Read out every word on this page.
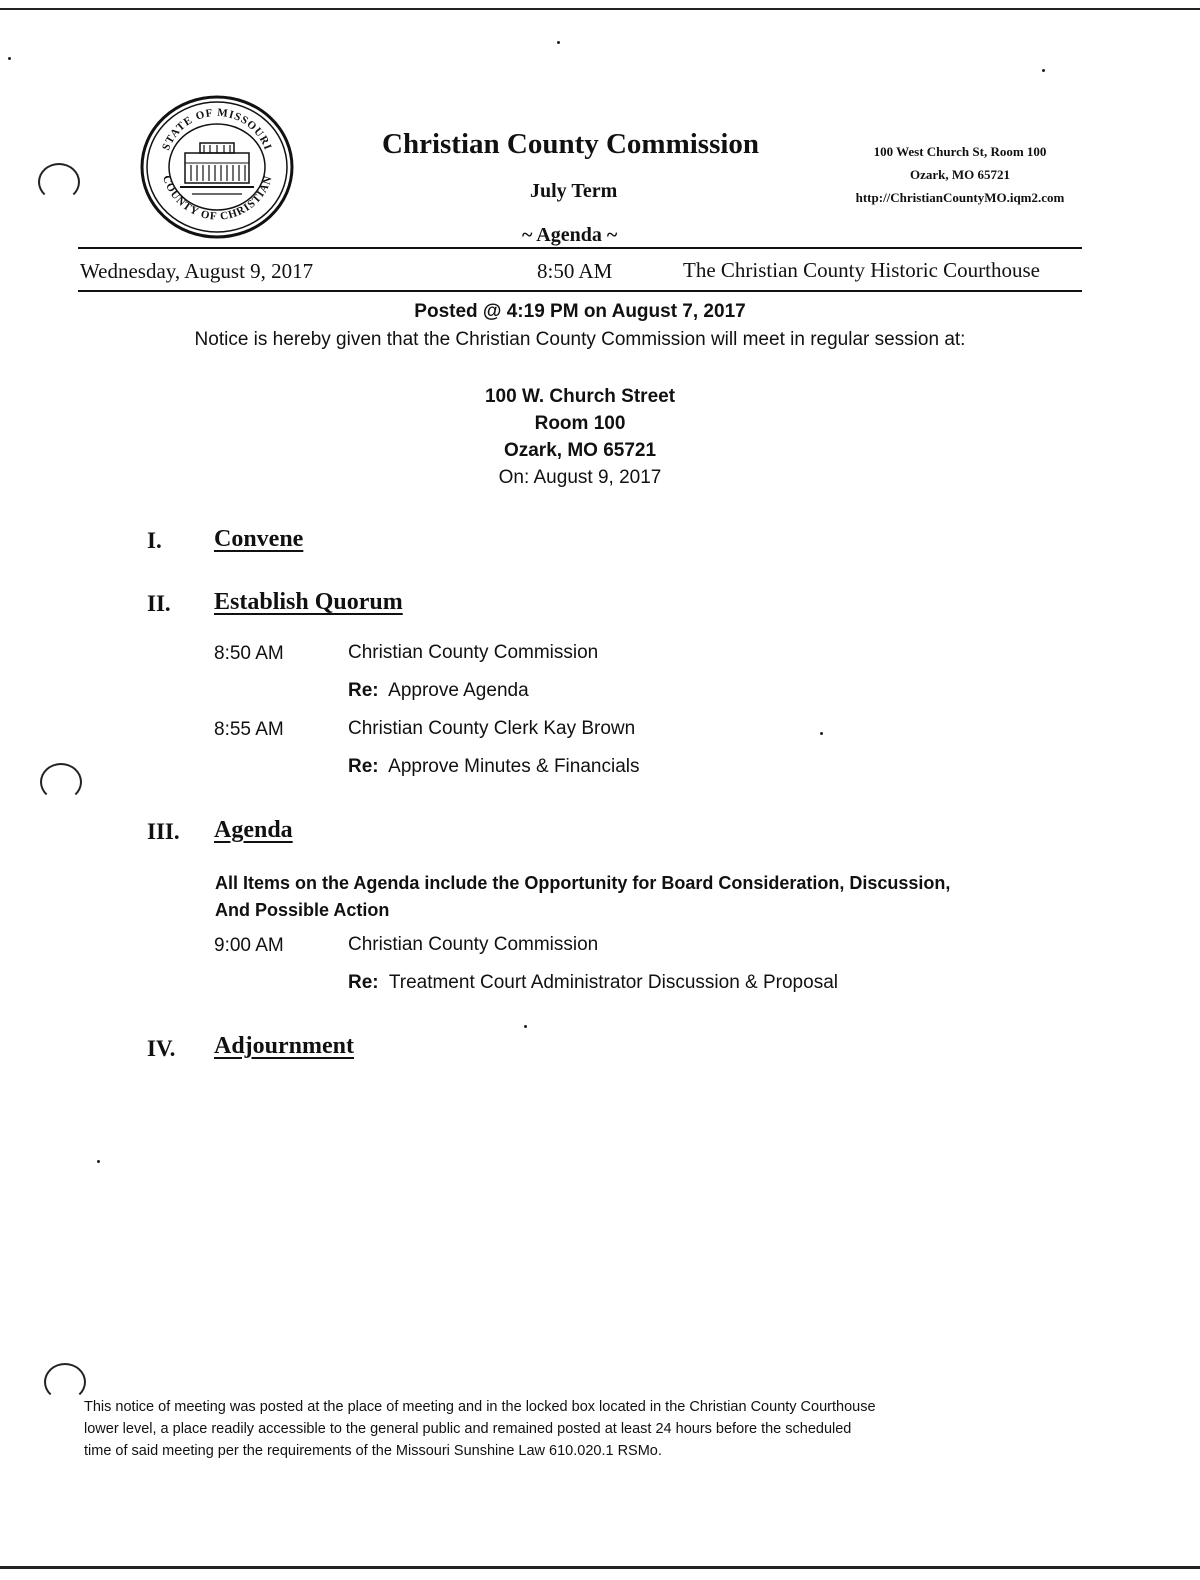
STATE OF MISSOURI
COUNTY OF CHRISTIAN
Christian County Commission
July Term
~ Agenda ~
100 West Church St, Room 100
Ozark, MO 65721
http://ChristianCountyMO.iqm2.com
Wednesday, August 9, 2017	8:50 AM	The Christian County Historic Courthouse
Posted @ 4:19 PM on August 7, 2017
Notice is hereby given that the Christian County Commission will meet in regular session at:
100 W. Church Street
Room 100
Ozark, MO 65721
On: August 9, 2017
I. Convene
II. Establish Quorum
8:50 AM	Christian County Commission
Re: Approve Agenda
8:55 AM	Christian County Clerk Kay Brown
Re: Approve Minutes & Financials
III. Agenda
All Items on the Agenda include the Opportunity for Board Consideration, Discussion,
And Possible Action
9:00 AM	Christian County Commission
Re: Treatment Court Administrator Discussion & Proposal
IV. Adjournment
This notice of meeting was posted at the place of meeting and in the locked box located in the Christian County Courthouse
lower level, a place readily accessible to the general public and remained posted at least 24 hours before the scheduled
time of said meeting per the requirements of the Missouri Sunshine Law 610.020.1 RSMo.
